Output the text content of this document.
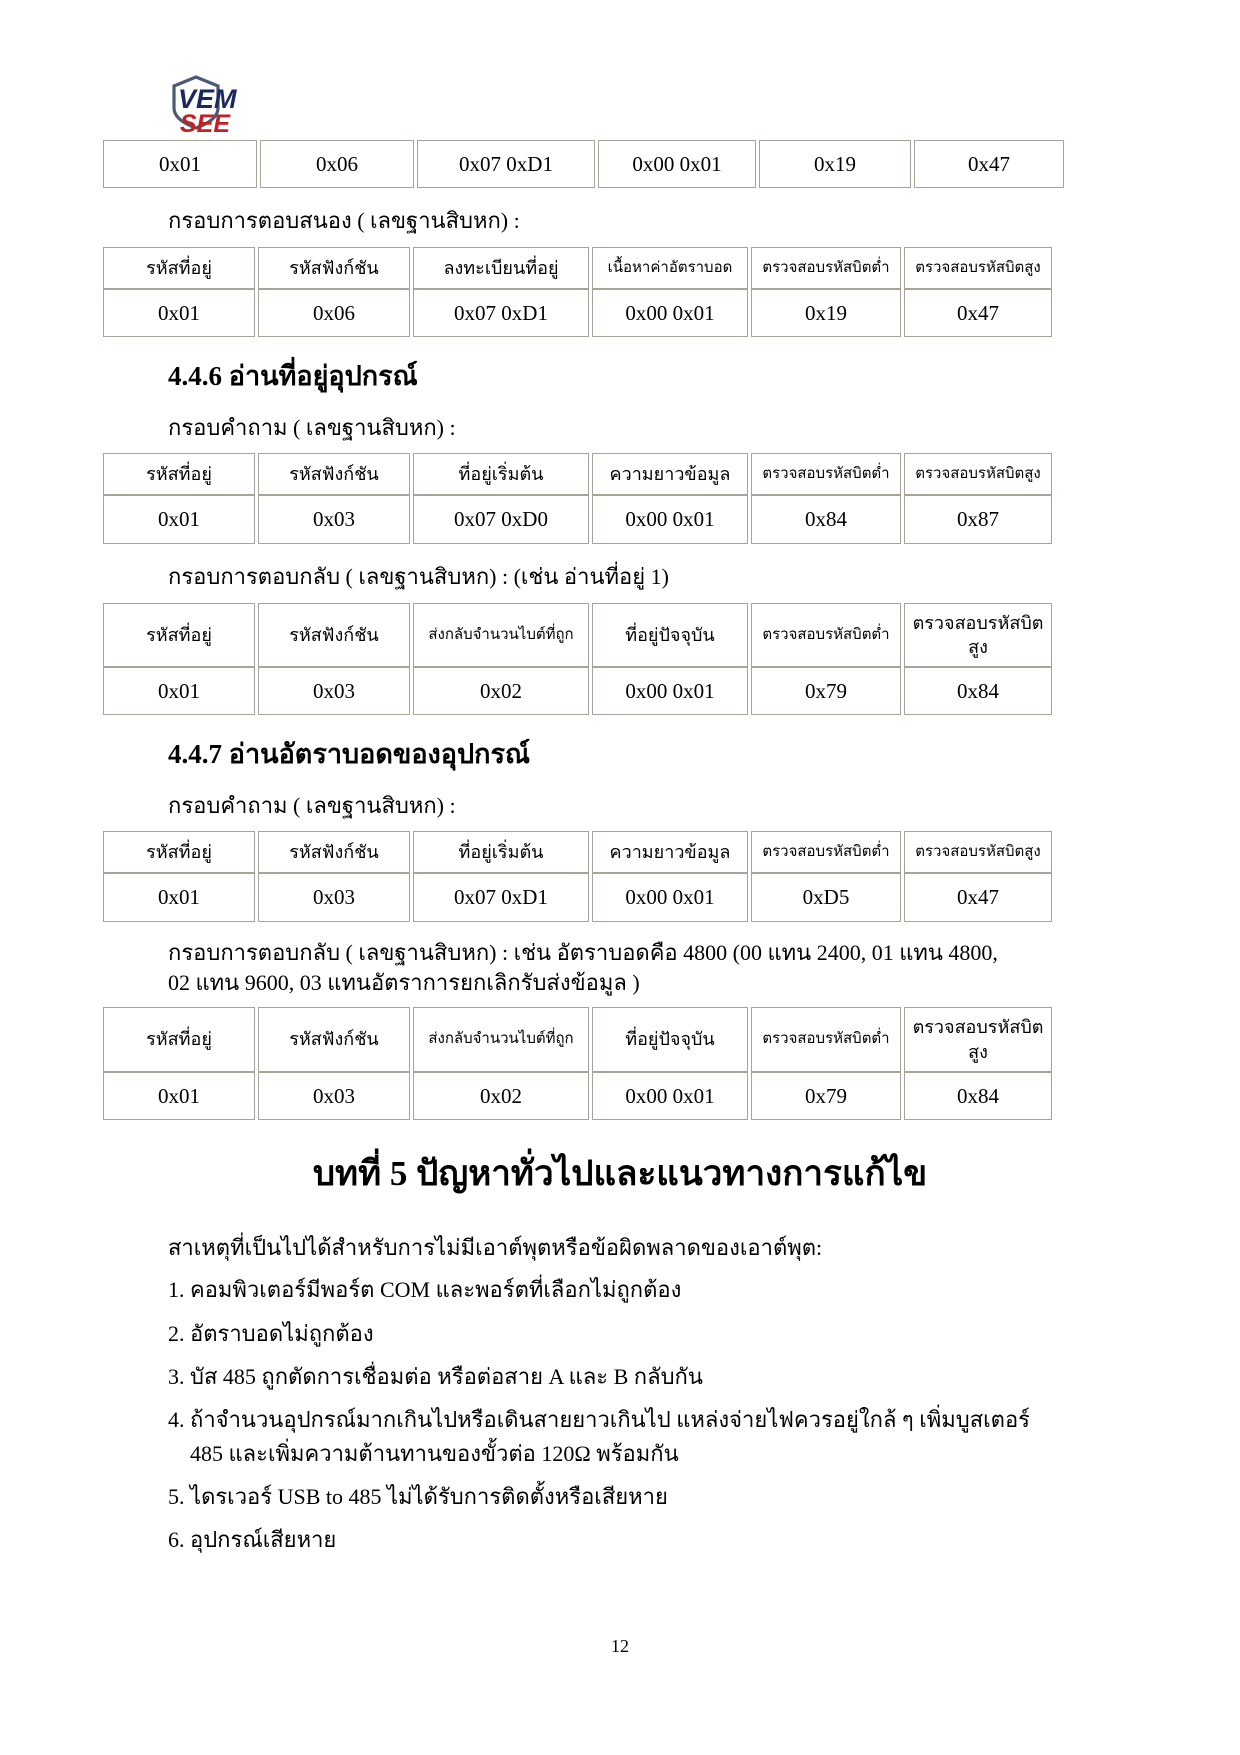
VEM
SEE
0x01	0x06	0x07 0xD1	0x00 0x01	0x19	0x47

กรอบการตอบสนอง ( เลขฐานสิบหก) :

รหัสที่อยู่	รหัสฟังก์ชัน	ลงทะเบียนที่อยู่	เนื้อหาค่าอัตราบอด	ตรวจสอบรหัสบิตต่ำ	ตรวจสอบรหัสบิตสูง
0x01	0x06	0x07 0xD1	0x00 0x01	0x19	0x47
4.4.6 อ่านที่อยู่อุปกรณ์

กรอบคำถาม ( เลขฐานสิบหก) :

รหัสที่อยู่	รหัสฟังก์ชัน	ที่อยู่เริ่มต้น	ความยาวข้อมูล	ตรวจสอบรหัสบิตต่ำ	ตรวจสอบรหัสบิตสูง
0x01	0x03	0x07 0xD0	0x00 0x01	0x84	0x87

กรอบการตอบกลับ ( เลขฐานสิบหก) : (เช่น อ่านที่อยู่ 1)

รหัสที่อยู่	รหัสฟังก์ชัน	ส่งกลับจำนวนไบต์ที่ถูก	ที่อยู่ปัจจุบัน	ตรวจสอบรหัสบิตต่ำ	ตรวจสอบรหัสบิตสูง
0x01	0x03	0x02	0x00 0x01	0x79	0x84
4.4.7 อ่านอัตราบอดของอุปกรณ์

กรอบคำถาม ( เลขฐานสิบหก) :

รหัสที่อยู่	รหัสฟังก์ชัน	ที่อยู่เริ่มต้น	ความยาวข้อมูล	ตรวจสอบรหัสบิตต่ำ	ตรวจสอบรหัสบิตสูง
0x01	0x03	0x07 0xD1	0x00 0x01	0xD5	0x47

กรอบการตอบกลับ ( เลขฐานสิบหก) : เช่น อัตราบอดคือ 4800 (00 แทน 2400, 01 แทน 4800,
02 แทน 9600, 03 แทนอัตราการยกเลิกรับส่งข้อมูล )

รหัสที่อยู่	รหัสฟังก์ชัน	ส่งกลับจำนวนไบต์ที่ถูก	ที่อยู่ปัจจุบัน	ตรวจสอบรหัสบิตต่ำ	ตรวจสอบรหัสบิตสูง
0x01	0x03	0x02	0x00 0x01	0x79	0x84
บทที่ 5 ปัญหาทั่วไปและแนวทางการแก้ไข

สาเหตุที่เป็นไปได้สำหรับการไม่มีเอาต์พุตหรือข้อผิดพลาดของเอาต์พุต:

1. คอมพิวเตอร์มีพอร์ต COM และพอร์ตที่เลือกไม่ถูกต้อง
2. อัตราบอดไม่ถูกต้อง
3. บัส 485 ถูกตัดการเชื่อมต่อ หรือต่อสาย A และ B กลับกัน
4. ถ้าจำนวนอุปกรณ์มากเกินไปหรือเดินสายยาวเกินไป แหล่งจ่ายไฟควรอยู่ใกล้ ๆ เพิ่มบูสเตอร์
485 และเพิ่มความต้านทานของขั้วต่อ 120Ω พร้อมกัน
5. ไดรเวอร์ USB to 485 ไม่ได้รับการติดตั้งหรือเสียหาย
6. อุปกรณ์เสียหาย
12
